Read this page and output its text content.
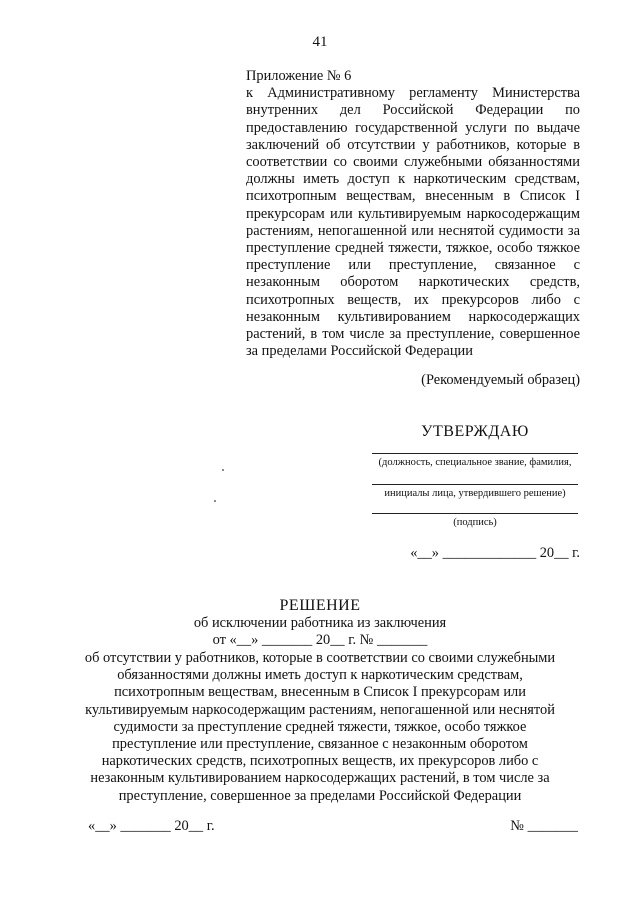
41
Приложение № 6
к Административному регламенту Министерства внутренних дел Российской Федерации по предоставлению государственной услуги по выдаче заключений об отсутствии у работников, которые в соответствии со своими служебными обязанностями должны иметь доступ к наркотическим средствам, психотропным веществам, внесенным в Список I прекурсорам или культивируемым наркосодержащим растениям, непогашенной или неснятой судимости за преступление средней тяжести, тяжкое, особо тяжкое преступление или преступление, связанное с незаконным оборотом наркотических средств, психотропных веществ, их прекурсоров либо с незаконным культивированием наркосодержащих растений, в том числе за преступление, совершенное за пределами Российской Федерации
(Рекомендуемый образец)
УТВЕРЖДАЮ
(должность, специальное звание, фамилия,
инициалы лица, утвердившего решение)
(подпись)
«__» _____________ 20__ г.
РЕШЕНИЕ
об исключении работника из заключения
от «__» _______ 20__ г. № _______
об отсутствии у работников, которые в соответствии со своими служебными обязанностями должны иметь доступ к наркотическим средствам, психотропным веществам, внесенным в Список I прекурсорам или культивируемым наркосодержащим растениям, непогашенной или неснятой судимости за преступление средней тяжести, тяжкое, особо тяжкое преступление или преступление, связанное с незаконным оборотом наркотических средств, психотропных веществ, их прекурсоров либо с незаконным культивированием наркосодержащих растений, в том числе за преступление, совершенное за пределами Российской Федерации
«__» _______ 20__ г.	№ _______
